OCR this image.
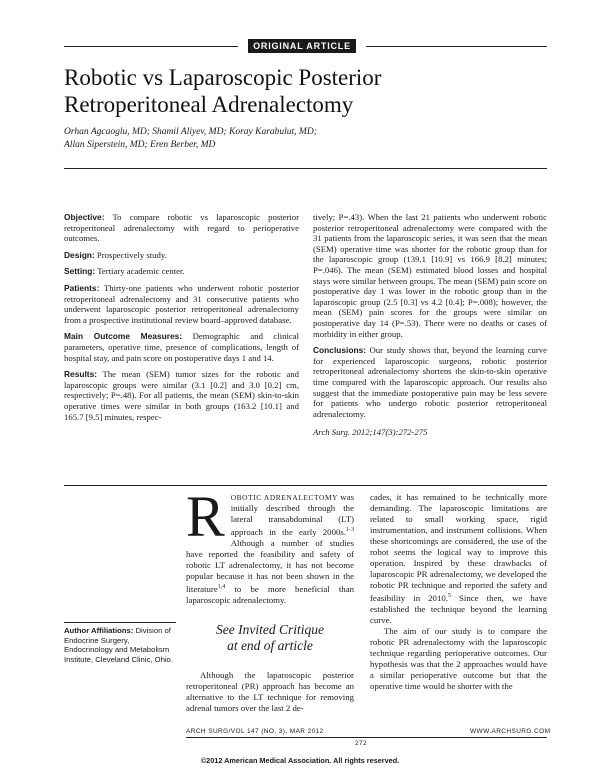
ORIGINAL ARTICLE
Robotic vs Laparoscopic Posterior
Retroperitoneal Adrenalectomy
Orhan Agcaoglu, MD; Shamil Aliyev, MD; Koray Karabulut, MD;
Allan Siperstein, MD; Eren Berber, MD

Objective: To compare robotic vs laparoscopic posterior retroperitoneal adrenalectomy with regard to perioperative outcomes.

Design: Prospectively study.

Setting: Tertiary academic center.

Patients: Thirty-one patients who underwent robotic posterior retroperitoneal adrenalectomy and 31 consecutive patients who underwent laparoscopic posterior retroperitoneal adrenalectomy from a prospective institutional review board–approved database.

Main Outcome Measures: Demographic and clinical parameters, operative time, presence of complications, length of hospital stay, and pain score on postoperative days 1 and 14.

Results: The mean (SEM) tumor sizes for the robotic and laparoscopic groups were similar (3.1 [0.2] and 3.0 [0.2] cm, respectively; P=.48). For all patients, the mean (SEM) skin-to-skin operative times were similar in both groups (163.2 [10.1] and 165.7 [9.5] minutes, respec-

tively; P=.43). When the last 21 patients who underwent robotic posterior retroperitoneal adrenalectomy were compared with the 31 patients from the laparoscopic series, it was seen that the mean (SEM) operative time was shorter for the robotic group than for the laparoscopic group (139.1 [10.9] vs 166.9 [8.2] minutes; P=.046). The mean (SEM) estimated blood losses and hospital stays were similar between groups. The mean (SEM) pain score on postoperative day 1 was lower in the robotic group than in the laparoscopic group (2.5 [0.3] vs 4.2 [0.4]; P=.008); however, the mean (SEM) pain scores for the groups were similar on postoperative day 14 (P=.53). There were no deaths or cases of morbidity in either group.

Conclusions: Our study shows that, beyond the learning curve for experienced laparoscopic surgeons, robotic posterior retroperitoneal adrenalectomy shortens the skin-to-skin operative time compared with the laparoscopic approach. Our results also suggest that the immediate postoperative pain may be less severe for patients who undergo robotic posterior retroperitoneal adrenalectomy.

Arch Surg. 2012;147(3):272-275

ROBOTIC ADRENALECTOMY was initially described through the lateral transabdominal (LT) approach in the early 2000s.$^{1-3}$ Although a number of studies have reported the feasibility and safety of robotic LT adrenalectomy, it has not become popular because it has not been shown in the literature$^{1,4}$ to be more beneficial than laparoscopic adrenalectomy.

See Invited Critique
at end of article

Although the laparoscopic posterior retroperitoneal (PR) approach has become an alternative to the LT technique for removing adrenal tumors over the last 2 de-

cades, it has remained to be technically more demanding. The laparoscopic limitations are related to small working space, rigid instrumentation, and instrument collisions. When these shortcomings are considered, the use of the robot seems the logical way to improve this operation. Inspired by these drawbacks of laparoscopic PR adrenalectomy, we developed the robotic PR technique and reported the safety and feasibility in 2010.$^5$ Since then, we have established the technique beyond the learning curve.

The aim of our study is to compare the robotic PR adrenalectomy with the laparoscopic technique regarding perioperative outcomes. Our hypothesis was that the 2 approaches would have a similar perioperative outcome but that the operative time would be shorter with the

Author Affiliations: Division of Endocrine Surgery, Endocrinology and Metabolism Institute, Cleveland Clinic, Ohio.
ARCH SURG/VOL 147 (NO. 3), MAR 2012	WWW.ARCHSURG.COM
272
©2012 American Medical Association. All rights reserved.
